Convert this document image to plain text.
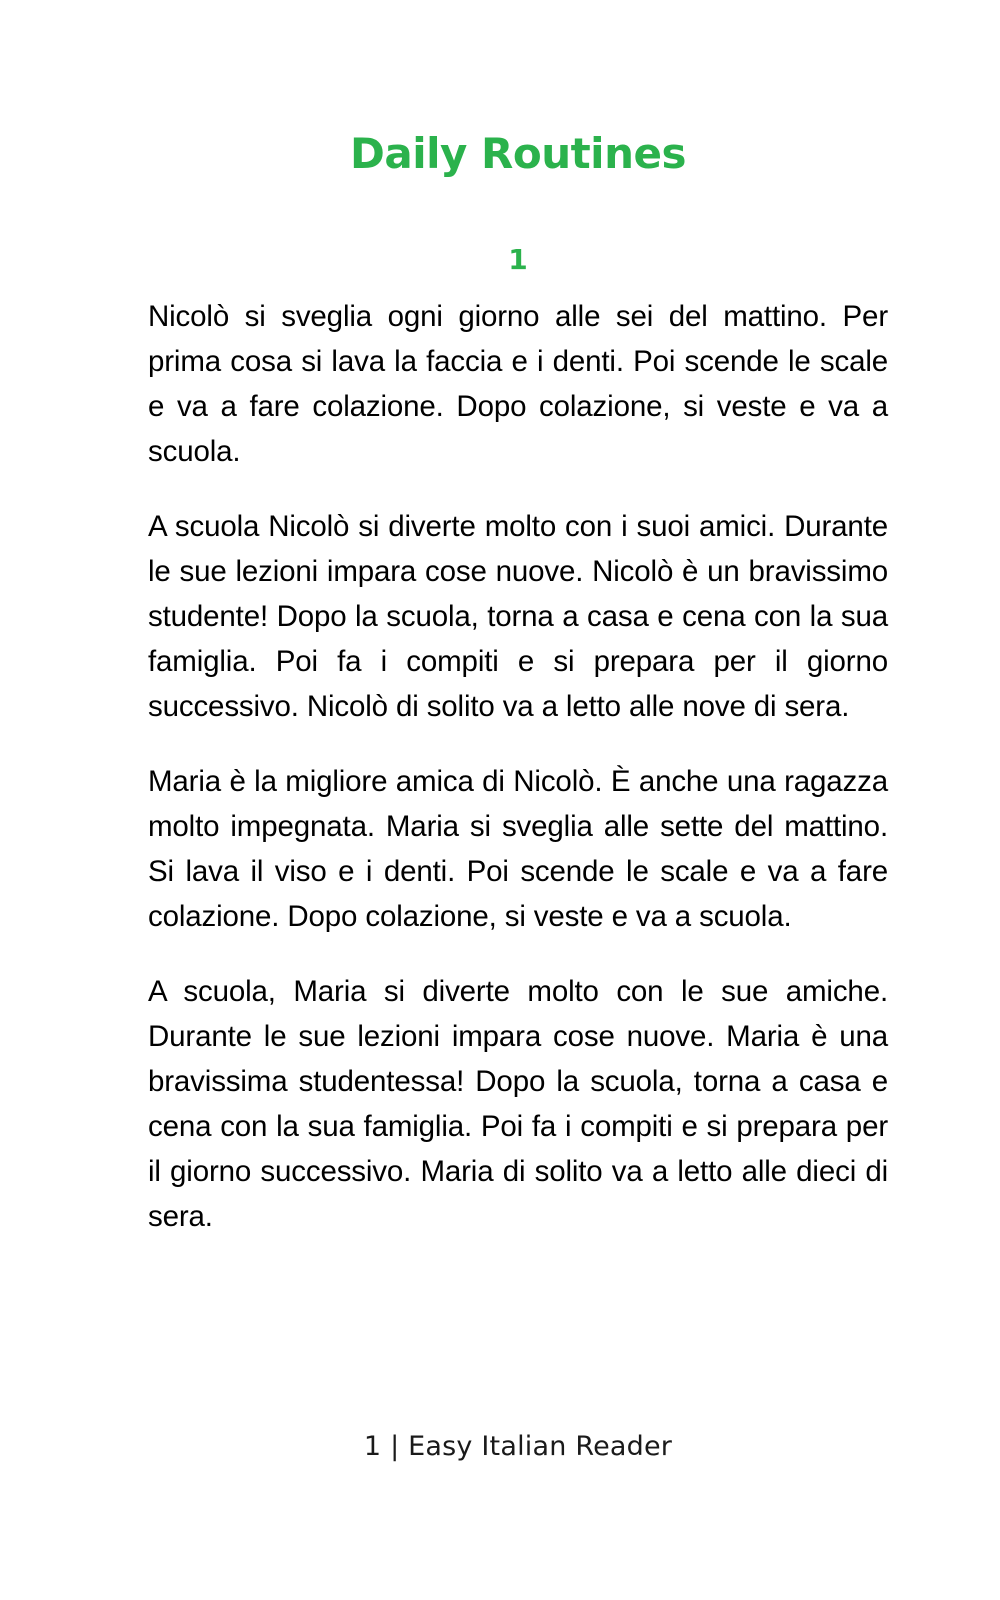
Daily Routines
1

Nicolò si sveglia ogni giorno alle sei del mattino. Per prima cosa si lava la faccia e i denti. Poi scende le scale e va a fare colazione. Dopo colazione, si veste e va a scuola.

A scuola Nicolò si diverte molto con i suoi amici. Durante le sue lezioni impara cose nuove. Nicolò è un bravissimo studente! Dopo la scuola, torna a casa e cena con la sua famiglia. Poi fa i compiti e si prepara per il giorno successivo. Nicolò di solito va a letto alle nove di sera.

Maria è la migliore amica di Nicolò. È anche una ragazza molto impegnata. Maria si sveglia alle sette del mattino. Si lava il viso e i denti. Poi scende le scale e va a fare colazione. Dopo colazione, si veste e va a scuola.

A scuola, Maria si diverte molto con le sue amiche. Durante le sue lezioni impara cose nuove. Maria è una bravissima studentessa! Dopo la scuola, torna a casa e cena con la sua famiglia. Poi fa i compiti e si prepara per il giorno successivo. Maria di solito va a letto alle dieci di sera.

1 | Easy Italian Reader
